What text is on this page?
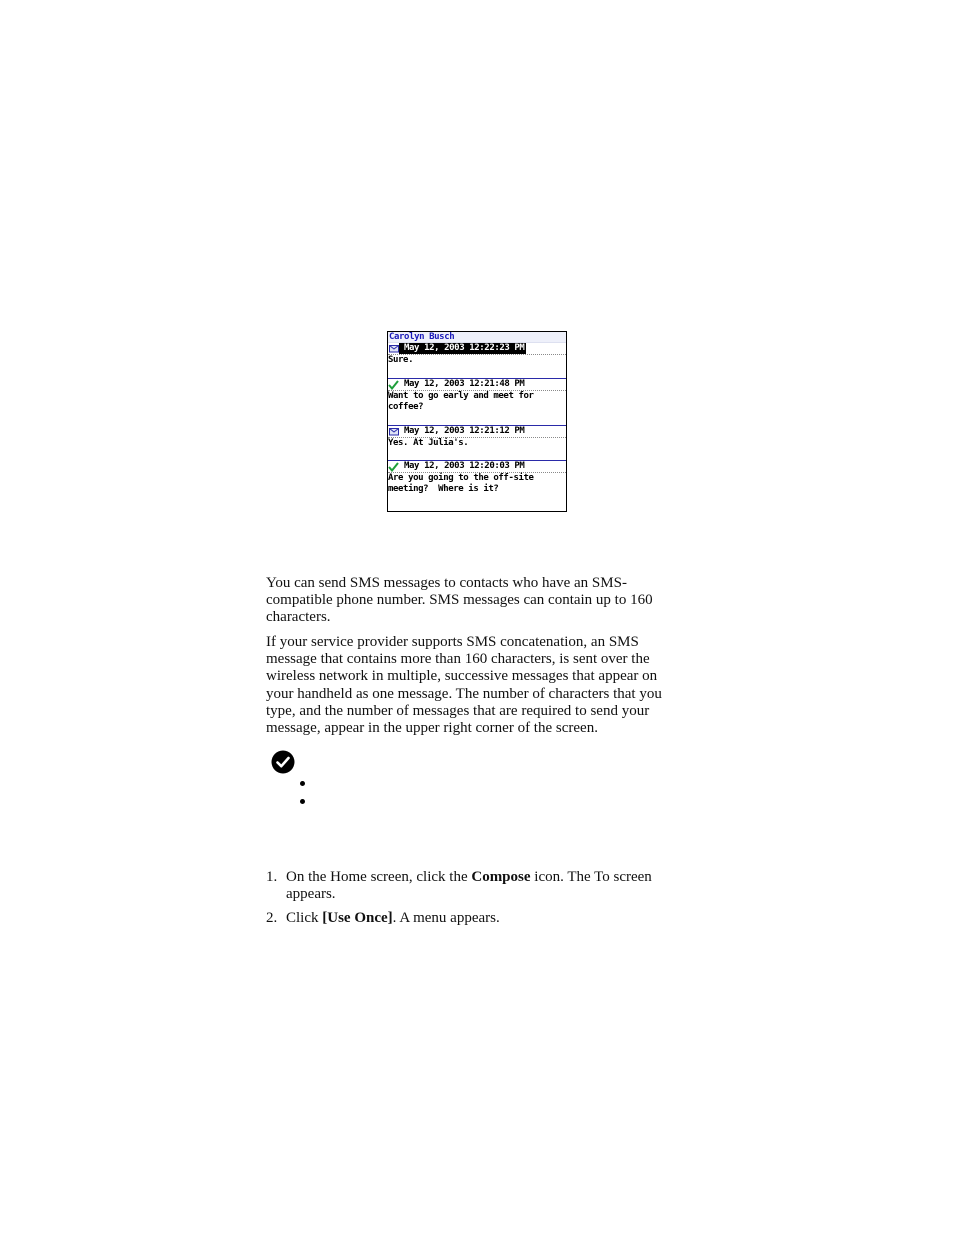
Carolyn Busch
May 12, 2003 12:22:23 PM
Sure.
May 12, 2003 12:21:48 PM
Want to go early and meet for
coffee?
May 12, 2003 12:21:12 PM
Yes. At Julia's.
May 12, 2003 12:20:03 PM
Are you going to the off-site
meeting?  Where is it?

You can send SMS messages to contacts who have an SMS-compatible phone number. SMS messages can contain up to 160 characters.

If your service provider supports SMS concatenation, an SMS message that contains more than 160 characters, is sent over the wireless network in multiple, successive messages that appear on your handheld as one message. The number of characters that you type, and the number of messages that are required to send your message, appear in the upper right corner of the screen.

1. On the Home screen, click the Compose icon. The To screen appears.
2. Click [Use Once]. A menu appears.
